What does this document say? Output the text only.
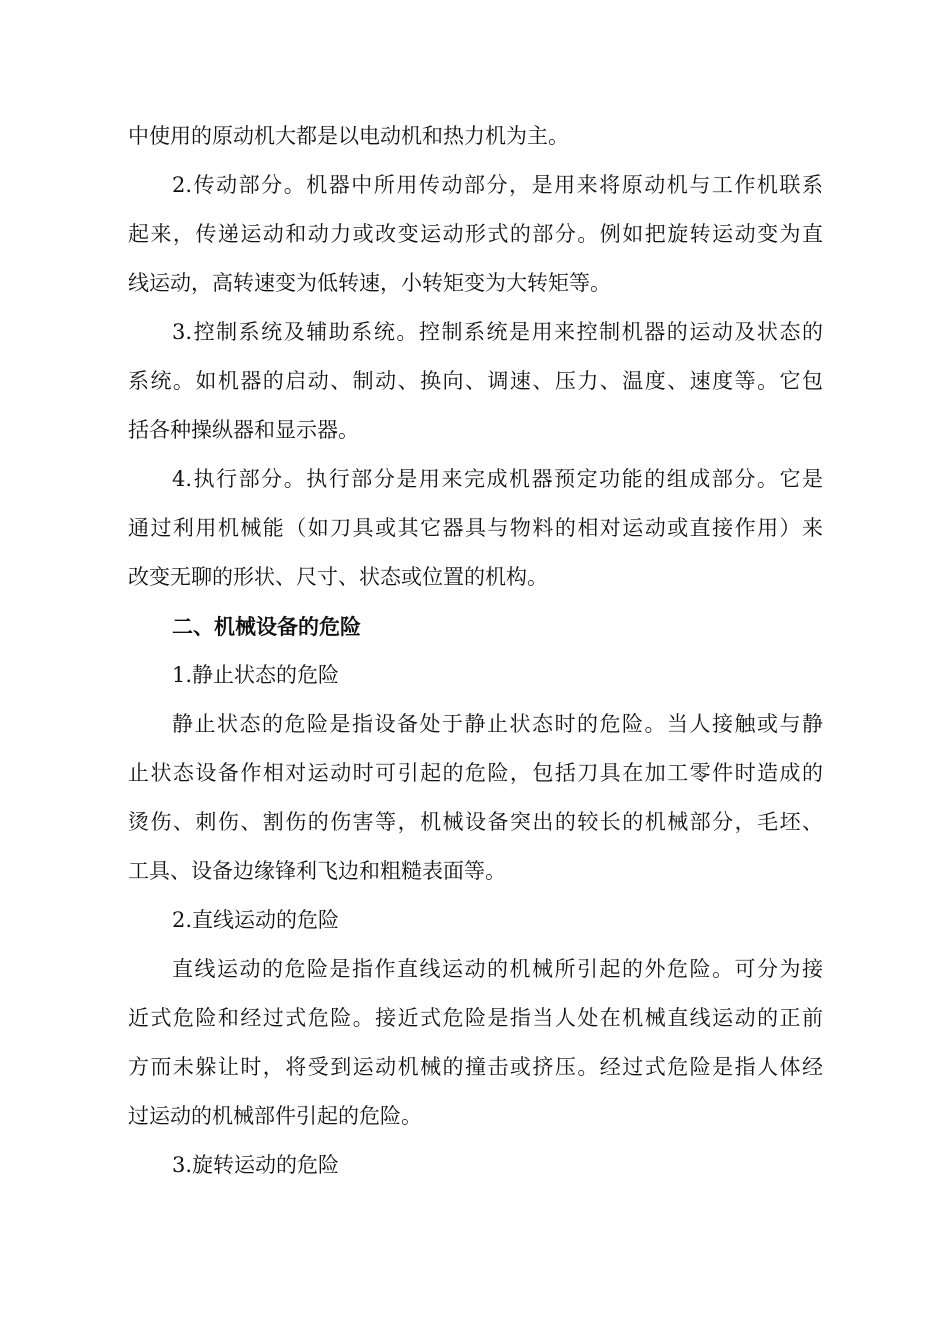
中使用的原动机大都是以电动机和热力机为主。
2.传动部分。机器中所用传动部分，是用来将原动机与工作机联系
起来，传递运动和动力或改变运动形式的部分。例如把旋转运动变为直
线运动，高转速变为低转速，小转矩变为大转矩等。
3.控制系统及辅助系统。控制系统是用来控制机器的运动及状态的
系统。如机器的启动、制动、换向、调速、压力、温度、速度等。它包
括各种操纵器和显示器。
4.执行部分。执行部分是用来完成机器预定功能的组成部分。它是
通过利用机械能（如刀具或其它器具与物料的相对运动或直接作用）来
改变无聊的形状、尺寸、状态或位置的机构。
二、机械设备的危险
1.静止状态的危险
静止状态的危险是指设备处于静止状态时的危险。当人接触或与静
止状态设备作相对运动时可引起的危险，包括刀具在加工零件时造成的
烫伤、刺伤、割伤的伤害等，机械设备突出的较长的机械部分，毛坯、
工具、设备边缘锋利飞边和粗糙表面等。
2.直线运动的危险
直线运动的危险是指作直线运动的机械所引起的外危险。可分为接
近式危险和经过式危险。接近式危险是指当人处在机械直线运动的正前
方而未躲让时，将受到运动机械的撞击或挤压。经过式危险是指人体经
过运动的机械部件引起的危险。
3.旋转运动的危险
